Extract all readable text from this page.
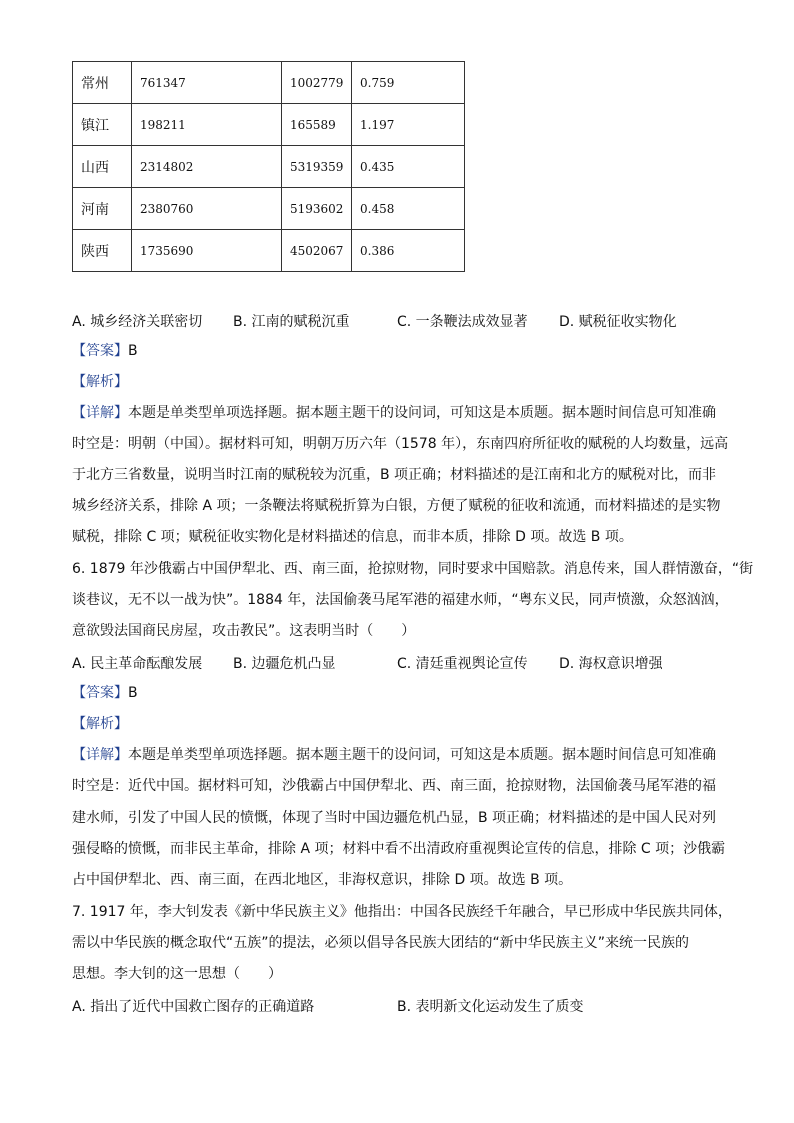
常州	761347	1002779	0.759
镇江	198211	165589	1.197
山西	2314802	5319359	0.435
河南	2380760	5193602	0.458
陕西	1735690	4502067	0.386
A. 城乡经济关联密切 B. 江南的赋税沉重	C. 一条鞭法成效显著 D. 赋税征收实物化
【答案】B
【解析】
【详解】本题是单类型单项选择题。据本题主题干的设问词，可知这是本质题。据本题时间信息可知准确
时空是：明朝（中国）。据材料可知，明朝万历六年（1578 年），东南四府所征收的赋税的人均数量，远高
于北方三省数量，说明当时江南的赋税较为沉重，B 项正确；材料描述的是江南和北方的赋税对比，而非
城乡经济关系，排除 A 项；一条鞭法将赋税折算为白银，方便了赋税的征收和流通，而材料描述的是实物
赋税，排除 C 项；赋税征收实物化是材料描述的信息，而非本质，排除 D 项。故选 B 项。
6. 1879 年沙俄霸占中国伊犁北、西、南三面，抢掠财物，同时要求中国赔款。消息传来，国人群情激奋，“街
谈巷议，无不以一战为快”。1884 年，法国偷袭马尾军港的福建水师，“粤东义民，同声愤激，众怒汹汹，
意欲毁法国商民房屋，攻击教民”。这表明当时（　　）
A. 民主革命酝酿发展 B. 边疆危机凸显	C. 清廷重视舆论宣传 D. 海权意识增强
【答案】B
【解析】
【详解】本题是单类型单项选择题。据本题主题干的设问词，可知这是本质题。据本题时间信息可知准确
时空是：近代中国。据材料可知，沙俄霸占中国伊犁北、西、南三面，抢掠财物，法国偷袭马尾军港的福
建水师，引发了中国人民的愤慨，体现了当时中国边疆危机凸显，B 项正确；材料描述的是中国人民对列
强侵略的愤慨，而非民主革命，排除 A 项；材料中看不出清政府重视舆论宣传的信息，排除 C 项；沙俄霸
占中国伊犁北、西、南三面，在西北地区，非海权意识，排除 D 项。故选 B 项。
7. 1917 年，李大钊发表《新中华民族主义》他指出：中国各民族经千年融合，早已形成中华民族共同体，
需以中华民族的概念取代“五族”的提法，必须以倡导各民族大团结的“新中华民族主义”来统一民族的
思想。李大钊的这一思想（　　）
A. 指出了近代中国救亡图存的正确道路	B. 表明新文化运动发生了质变
